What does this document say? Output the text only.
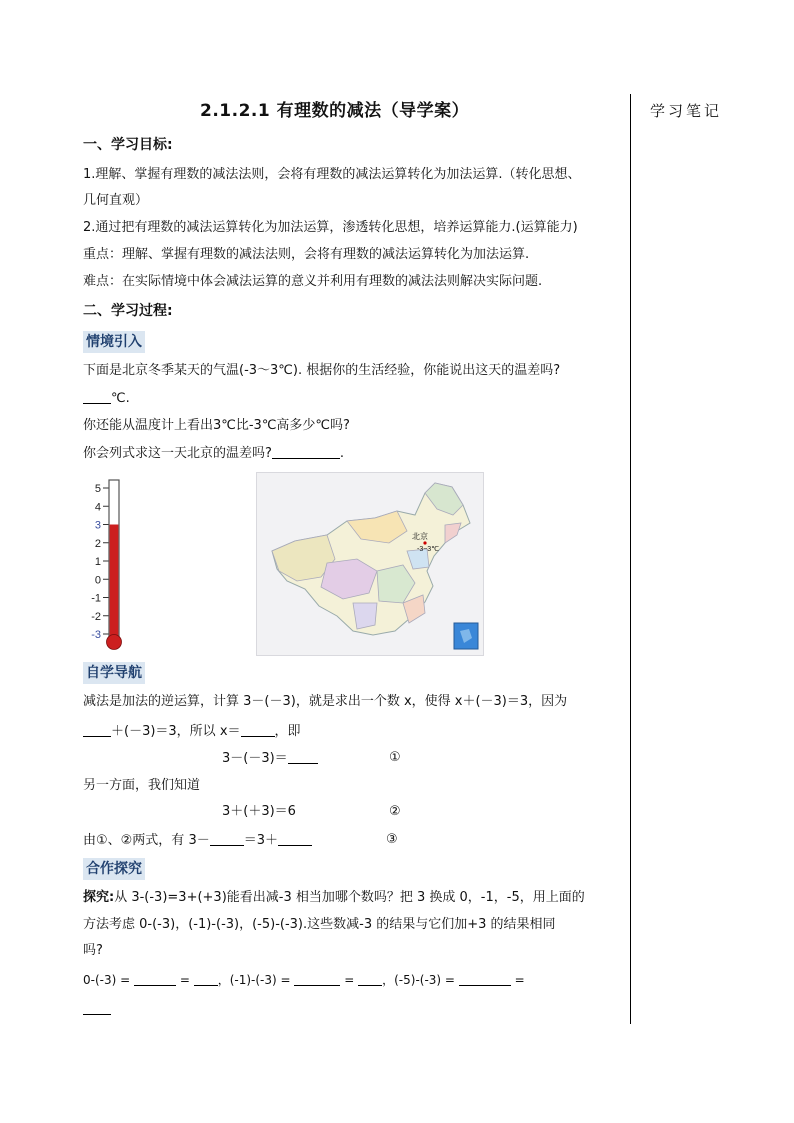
2.1.2.1 有理数的减法（导学案）	学习笔记
一、学习目标:
1.理解、掌握有理数的减法法则，会将有理数的减法运算转化为加法运算.（转化思想、
几何直观）
2.通过把有理数的减法运算转化为加法运算，渗透转化思想，培养运算能力.(运算能力)
重点：理解、掌握有理数的减法法则，会将有理数的减法运算转化为加法运算.
难点：在实际情境中体会减法运算的意义并利用有理数的减法法则解决实际问题.
二、学习过程:
情境引入
下面是北京冬季某天的气温(-3～3℃). 根据你的生活经验，你能说出这天的温差吗?
℃.
你还能从温度计上看出3℃比-3℃高多少℃吗?
你会列式求这一天北京的温差吗?	.
5
4
3
2
1
0
-1
-2
-3
北京
-3~3℃
自学导航
减法是加法的逆运算，计算 3－(－3)，就是求出一个数 x，使得 x＋(－3)＝3，因为
＋(－3)＝3，所以 x＝	，即
3－(－3)＝	①
另一方面，我们知道
3＋(＋3)＝6	②
由①、②两式，有 3－	＝3＋	③
合作探究
探究:从 3-(-3)=3+(+3)能看出减-3 相当加哪个数吗？把 3 换成 0，-1，-5，用上面的
方法考虑 0-(-3)，(-1)-(-3)，(-5)-(-3).这些数减-3 的结果与它们加+3 的结果相同
吗?
0-(-3) =	= ，(-1)-(-3) =	= ，(-5)-(-3) =	=
